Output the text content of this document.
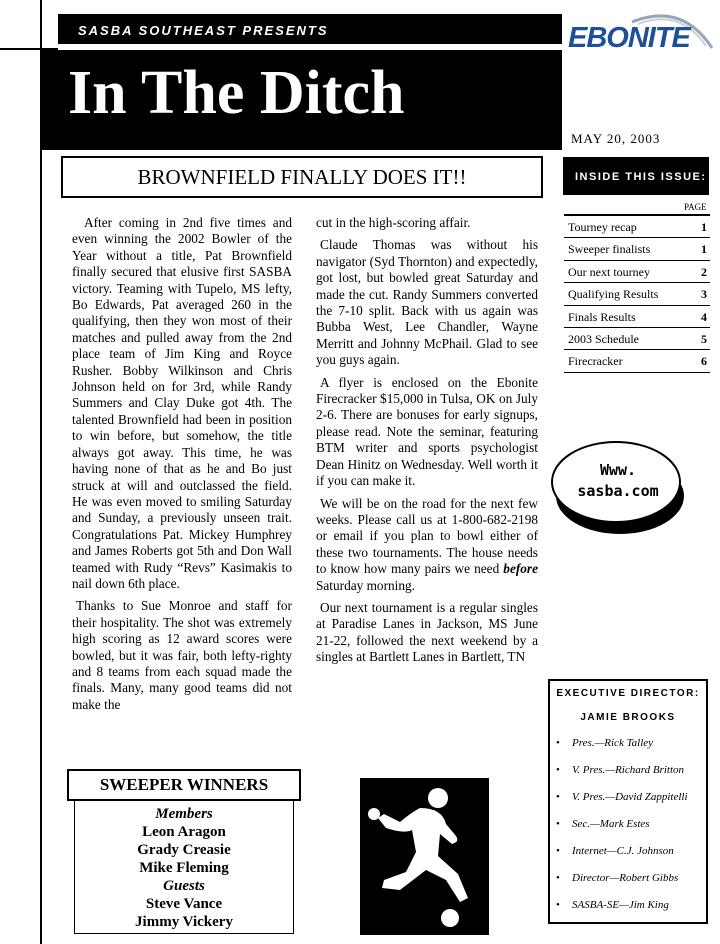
SASBA SOUTHEAST PRESENTS
In The Ditch
EBONITE
MAY 20, 2003
BROWNFIELD FINALLY DOES IT!!	INSIDE THIS ISSUE:
PAGE
Tourney recap	1
Sweeper finalists	1
Our next tourney	2
Qualifying Results	3
Finals Results	4
2003 Schedule	5
Firecracker	6

After coming in 2nd five times and even winning the 2002 Bowler of the Year without a title, Pat Brownfield finally secured that elusive first SASBA victory. Teaming with Tupelo, MS lefty, Bo Edwards, Pat averaged 260 in the qualifying, then they won most of their matches and pulled away from the 2nd place team of Jim King and Royce Rusher. Bobby Wilkinson and Chris Johnson held on for 3rd, while Randy Summers and Clay Duke got 4th. The talented Brownfield had been in position to win before, but somehow, the title always got away. This time, he was having none of that as he and Bo just struck at will and outclassed the field. He was even moved to smiling Saturday and Sunday, a previously unseen trait. Congratulations Pat. Mickey Humphrey and James Roberts got 5th and Don Wall teamed with Rudy “Revs” Kasimakis to nail down 6th place.

Thanks to Sue Monroe and staff for their hospitality. The shot was extremely high scoring as 12 award scores were bowled, but it was fair, both lefty-righty and 8 teams from each squad made the finals. Many, many good teams did not make the

cut in the high-scoring affair.

Claude Thomas was without his navigator (Syd Thornton) and expectedly, got lost, but bowled great Saturday and made the cut. Randy Summers converted the 7-10 split. Back with us again was Bubba West, Lee Chandler, Wayne Merritt and Johnny McPhail. Glad to see you guys again.

A flyer is enclosed on the Ebonite Firecracker $15,000 in Tulsa, OK on July 2-6. There are bonuses for early signups, please read. Note the seminar, featuring BTM writer and sports psychologist Dean Hinitz on Wednesday. Well worth it if you can make it.

We will be on the road for the next few weeks. Please call us at 1-800-682-2198 or email if you plan to bowl either of these two tournaments. The house needs to know how many pairs we need before Saturday morning.

Our next tournament is a regular singles at Paradise Lanes in Jackson, MS June 21-22, followed the next weekend by a singles at Bartlett Lanes in Bartlett, TN

SWEEPER WINNERS
Members
Leon Aragon
Grady Creasie
Mike Fleming
Guests
Steve Vance
Jimmy Vickery
Www.
sasba.com
EXECUTIVE DIRECTOR:
JAMIE BROOKS
• Pres.—Rick Talley
• V. Pres.—Richard Britton
• V. Pres.—David Zappitelli
• Sec.—Mark Estes
• Internet—C.J. Johnson
• Director—Robert Gibbs
• SASBA-SE—Jim King
